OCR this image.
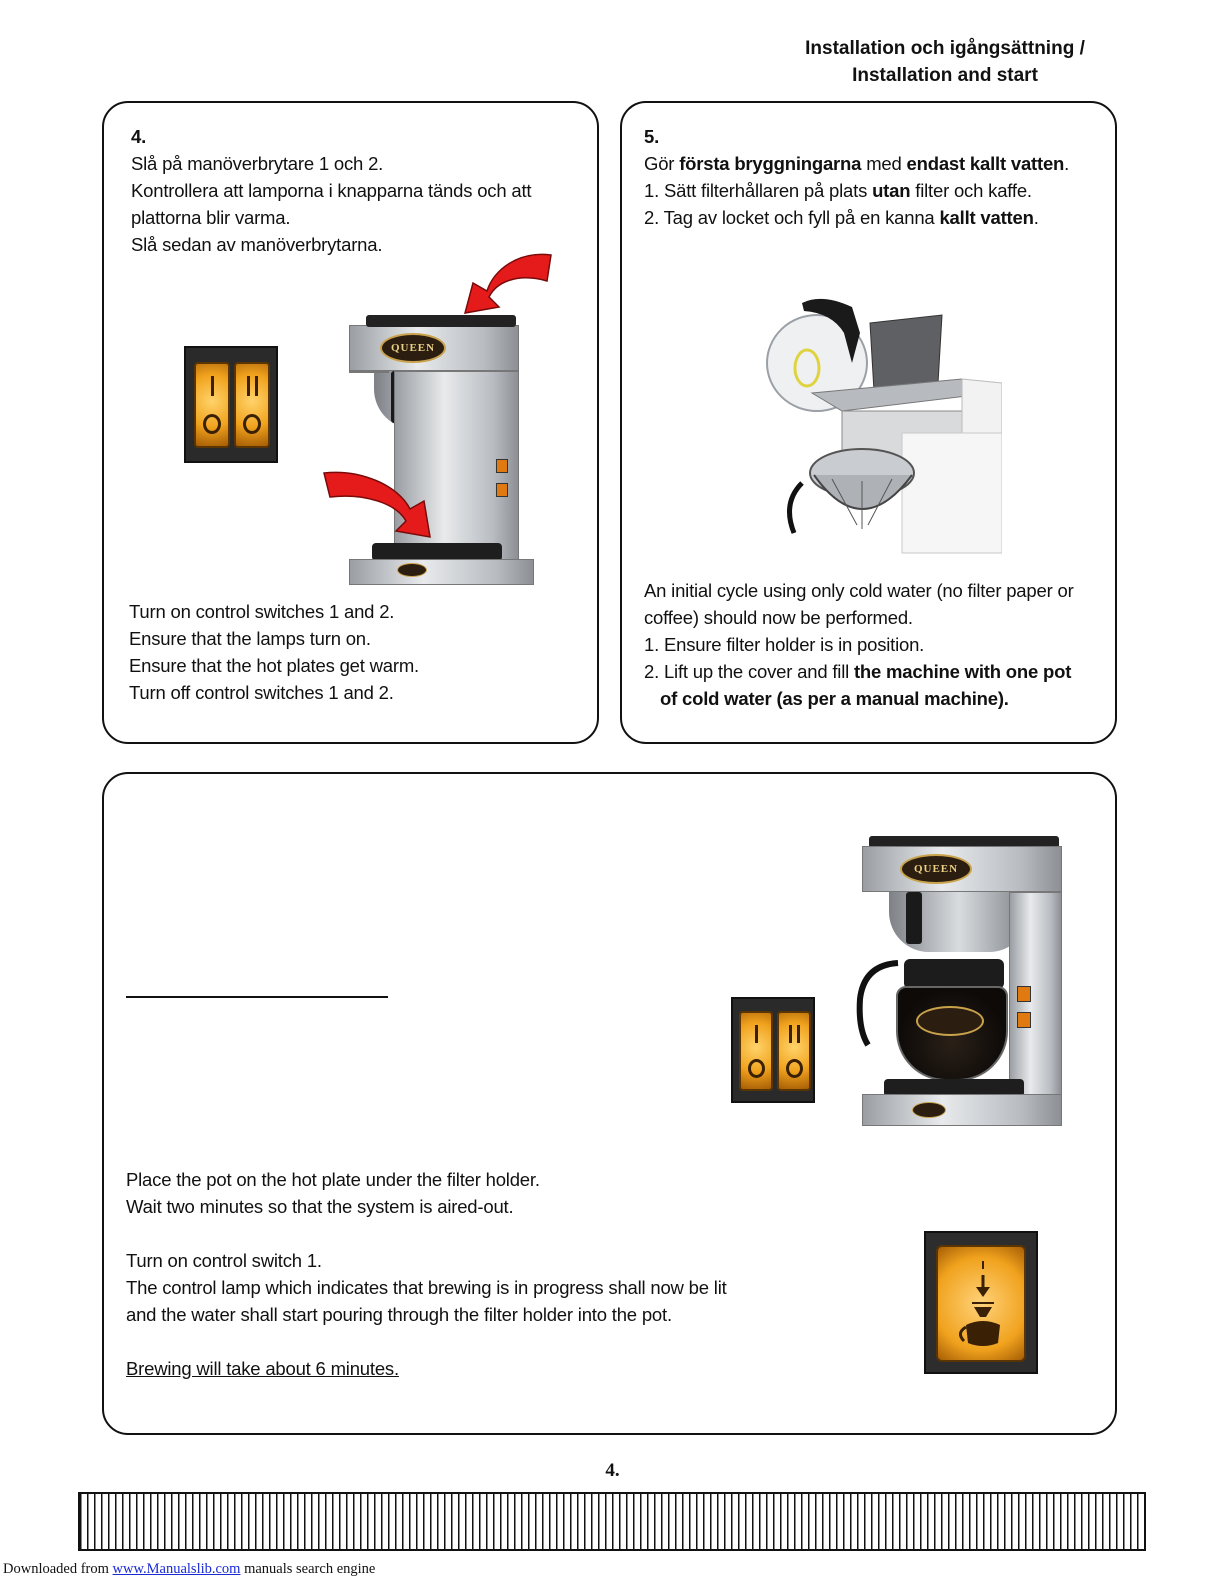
Installation och igångsättning /
Installation and start
4.
Slå på manöverbrytare 1 och 2.
Kontrollera att lamporna i knapparna tänds och att
plattorna blir varma.
Slå sedan av manöverbrytarna.
QUEEN
Turn on control switches 1 and 2.
Ensure that the lamps turn on.
Ensure that the hot plates get warm.
Turn off control switches 1 and 2.
5.
Gör första bryggningarna med endast kallt vatten.
1. Sätt filterhållaren på plats utan filter och kaffe.
2. Tag av locket och fyll på en kanna kallt vatten.
An initial cycle using only cold water (no filter paper or
coffee) should now be performed.
1. Ensure filter holder is in position.
2. Lift up the cover and fill the machine with one pot
of cold water (as per a manual machine).
QUEEN
Place the pot on the hot plate under the filter holder.
Wait two minutes so that the system is aired-out.
Turn on control switch 1.
The control lamp which indicates that brewing is in progress shall now be lit
and the water shall start pouring through the filter holder into the pot.
Brewing will take about 6 minutes.
4.
Downloaded from www.Manualslib.com manuals search engine
